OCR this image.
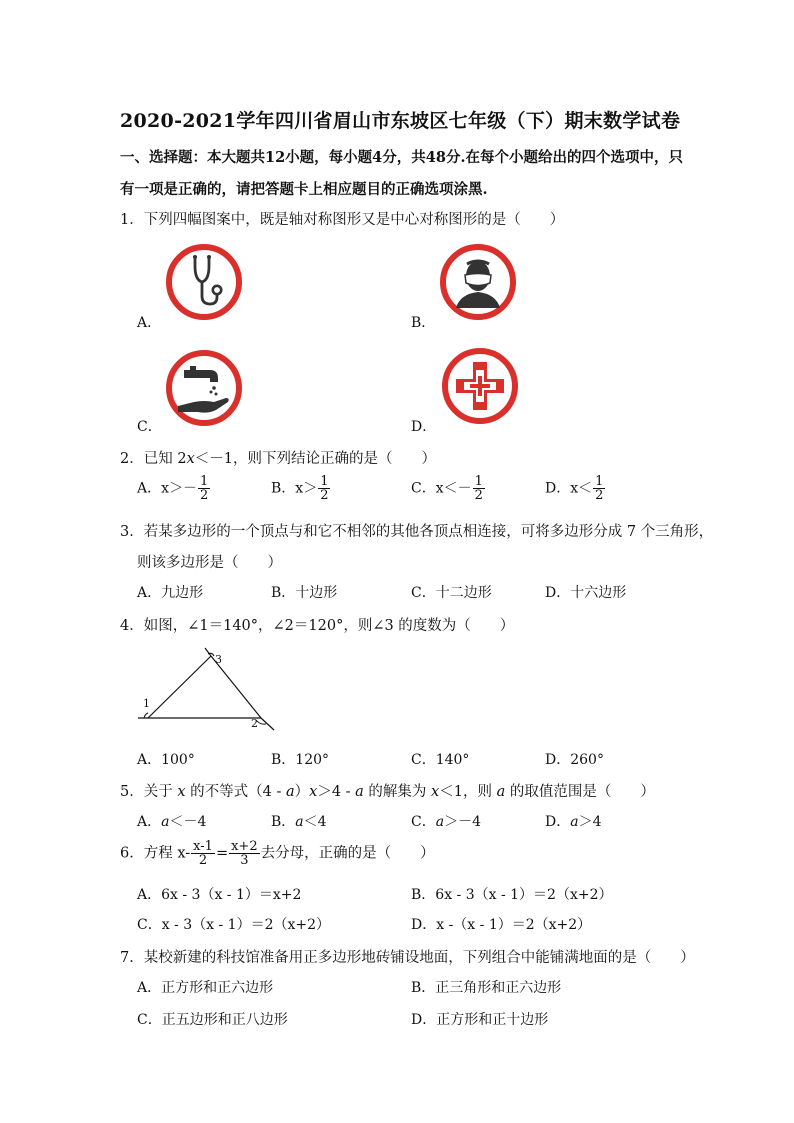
2020-2021学年四川省眉山市东坡区七年级（下）期末数学试卷
一、选择题：本大题共12小题，每小题4分，共48分.在每个小题给出的四个选项中，只
有一项是正确的，请把答题卡上相应题目的正确选项涂黑.
1．下列四幅图案中，既是轴对称图形又是中心对称图形的是（　　）
A．	B．
C．	D．
2．已知 2x＜－1，则下列结论正确的是（　　）
A．$x>- \frac{1}{2}$	B．$x> \frac{1}{2}$	C．$x<- \frac{1}{2}$	D．$x< \frac{1}{2}$
3．若某多边形的一个顶点与和它不相邻的其他各顶点相连接，可将多边形分成 7 个三角形，
则该多边形是（　　）
A．九边形	B．十边形	C．十二边形	D．十六边形
4．如图，∠1＝140°，∠2＝120°，则∠3 的度数为（　　）
1
2
3
A．100°	B．120°	C．140°	D．260°
5．关于 x 的不等式（4 - a）x＞4 - a 的解集为 x＜1，则 a 的取值范围是（　　）
A．a＜－4	B．a＜4	C．a＞－4	D．a＞4
6．方程 $x- \frac{x-1}{2} = \frac{x+2}{3}$ 去分母，正确的是（　　）
A．6x - 3（x - 1）＝x+2	B．6x - 3（x - 1）＝2（x+2）
C．x - 3（x - 1）＝2（x+2）	D．x -（x - 1）＝2（x+2）
7．某校新建的科技馆准备用正多边形地砖铺设地面，下列组合中能铺满地面的是（　　）
A．正方形和正六边形	B．正三角形和正六边形
C．正五边形和正八边形	D．正方形和正十边形
